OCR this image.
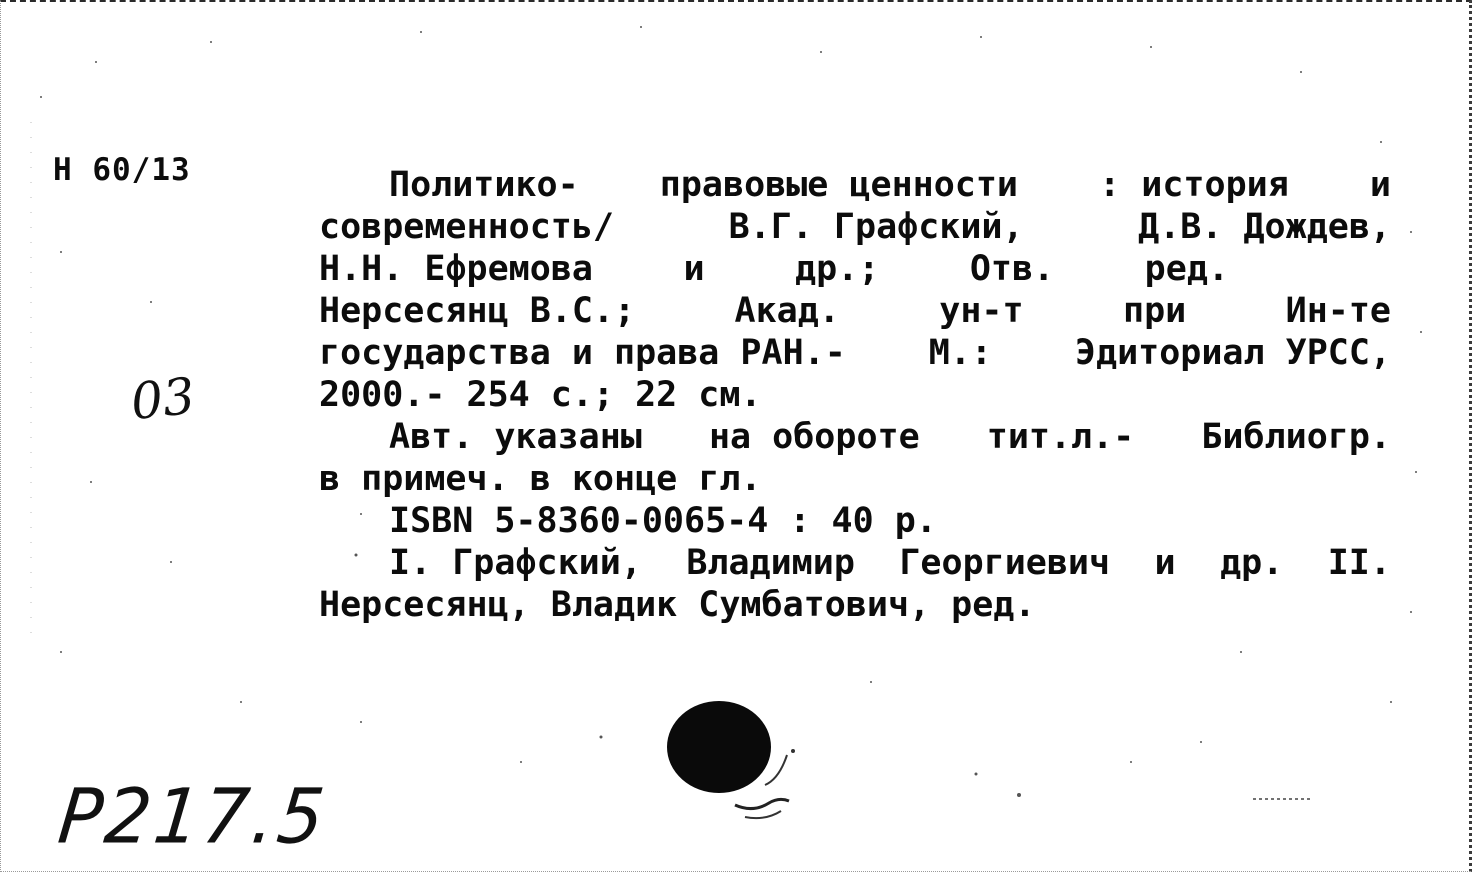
Н 60/13
03
P217.5
Политико- правовые ценности : история и
современность/	В.Г. Графский,	Д.В. Дождев,
Н.Н. Ефремова	и	др.;	Отв.	ред.
Нерсесянц В.С.;	Акад.	ун-т	при	Ин-те
государства и права РАН.- М.: Эдиториал УРСС,
2000.- 254 с.; 22 см.
Авт. указаны на обороте тит.л.- Библиогр.
в примеч. в конце гл.
ISBN 5-8360-0065-4 : 40 р.
I. Графский, Владимир Георгиевич и др. II.
Нерсесянц, Владик Сумбатович, ред.
